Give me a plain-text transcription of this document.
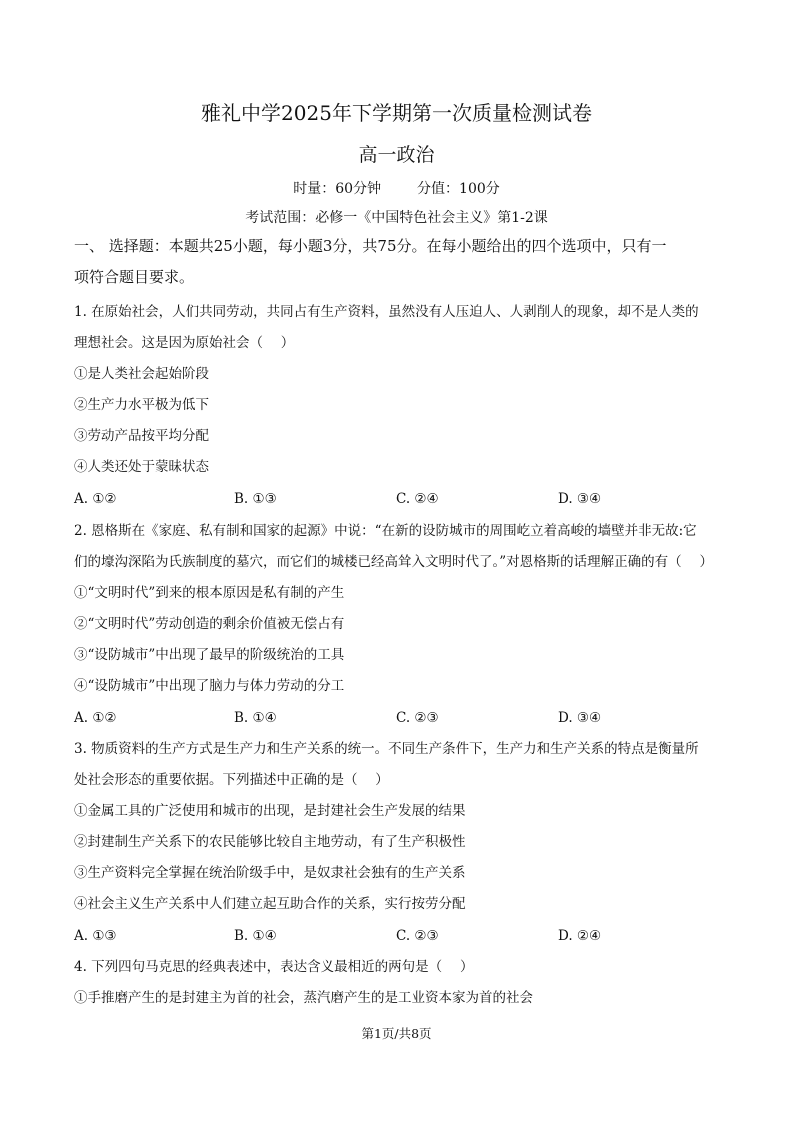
雅礼中学2025年下学期第一次质量检测试卷
高一政治
时量：60分钟	分值：100分
考试范围：必修一《中国特色社会主义》第1-2课
一、 选择题：本题共25小题，每小题3分，共75分。在每小题给出的四个选项中，只有一
项符合题目要求。
1. 在原始社会，人们共同劳动，共同占有生产资料，虽然没有人压迫人、人剥削人的现象，却不是人类的
理想社会。这是因为原始社会（　 ）
①是人类社会起始阶段
②生产力水平极为低下
③劳动产品按平均分配
④人类还处于蒙昧状态
A. ①②	B. ①③	C. ②④	D. ③④
2. 恩格斯在《家庭、私有制和国家的起源》中说：“在新的设防城市的周围屹立着高峻的墙壁并非无故:它
们的壕沟深陷为氏族制度的墓穴，而它们的城楼已经高耸入文明时代了。”对恩格斯的话理解正确的有（　 ）
①“文明时代”到来的根本原因是私有制的产生
②“文明时代”劳动创造的剩余价值被无偿占有
③“设防城市”中出现了最早的阶级统治的工具
④“设防城市”中出现了脑力与体力劳动的分工
A. ①②	B. ①④	C. ②③	D. ③④
3. 物质资料的生产方式是生产力和生产关系的统一。不同生产条件下，生产力和生产关系的特点是衡量所
处社会形态的重要依据。下列描述中正确的是（　 ）
①金属工具的广泛使用和城市的出现，是封建社会生产发展的结果
②封建制生产关系下的农民能够比较自主地劳动，有了生产积极性
③生产资料完全掌握在统治阶级手中，是奴隶社会独有的生产关系
④社会主义生产关系中人们建立起互助合作的关系，实行按劳分配
A. ①③	B. ①④	C. ②③	D. ②④
4. 下列四句马克思的经典表述中，表达含义最相近的两句是（　 ）
①手推磨产生的是封建主为首的社会，蒸汽磨产生的是工业资本家为首的社会
第1页/共8页
